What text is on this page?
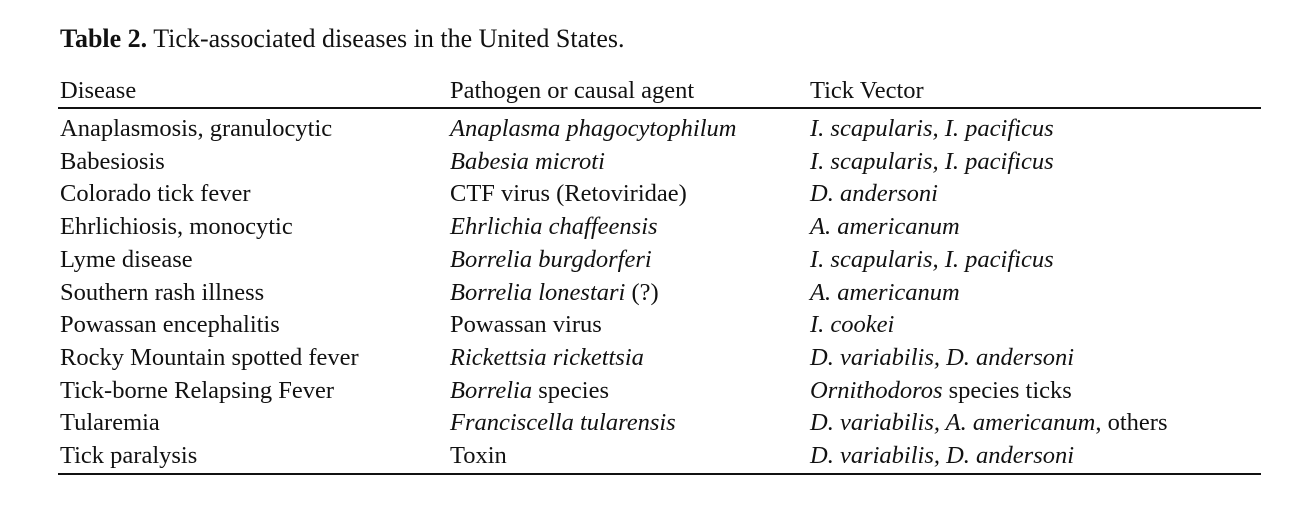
Table 2. Tick-associated diseases in the United States.
Disease	Pathogen or causal agent	Tick Vector
Anaplasmosis, granulocytic	Anaplasma phagocytophilum	I. scapularis, I. pacificus
Babesiosis	Babesia microti	I. scapularis, I. pacificus
Colorado tick fever	CTF virus (Retoviridae)	D. andersoni
Ehrlichiosis, monocytic	Ehrlichia chaffeensis	A. americanum
Lyme disease	Borrelia burgdorferi	I. scapularis, I. pacificus
Southern rash illness	Borrelia lonestari (?)	A. americanum
Powassan encephalitis	Powassan virus	I. cookei
Rocky Mountain spotted fever	Rickettsia rickettsia	D. variabilis, D. andersoni
Tick-borne Relapsing Fever	Borrelia species	Ornithodoros species ticks
Tularemia	Franciscella tularensis	D. variabilis, A. americanum, others
Tick paralysis	Toxin	D. variabilis, D. andersoni
